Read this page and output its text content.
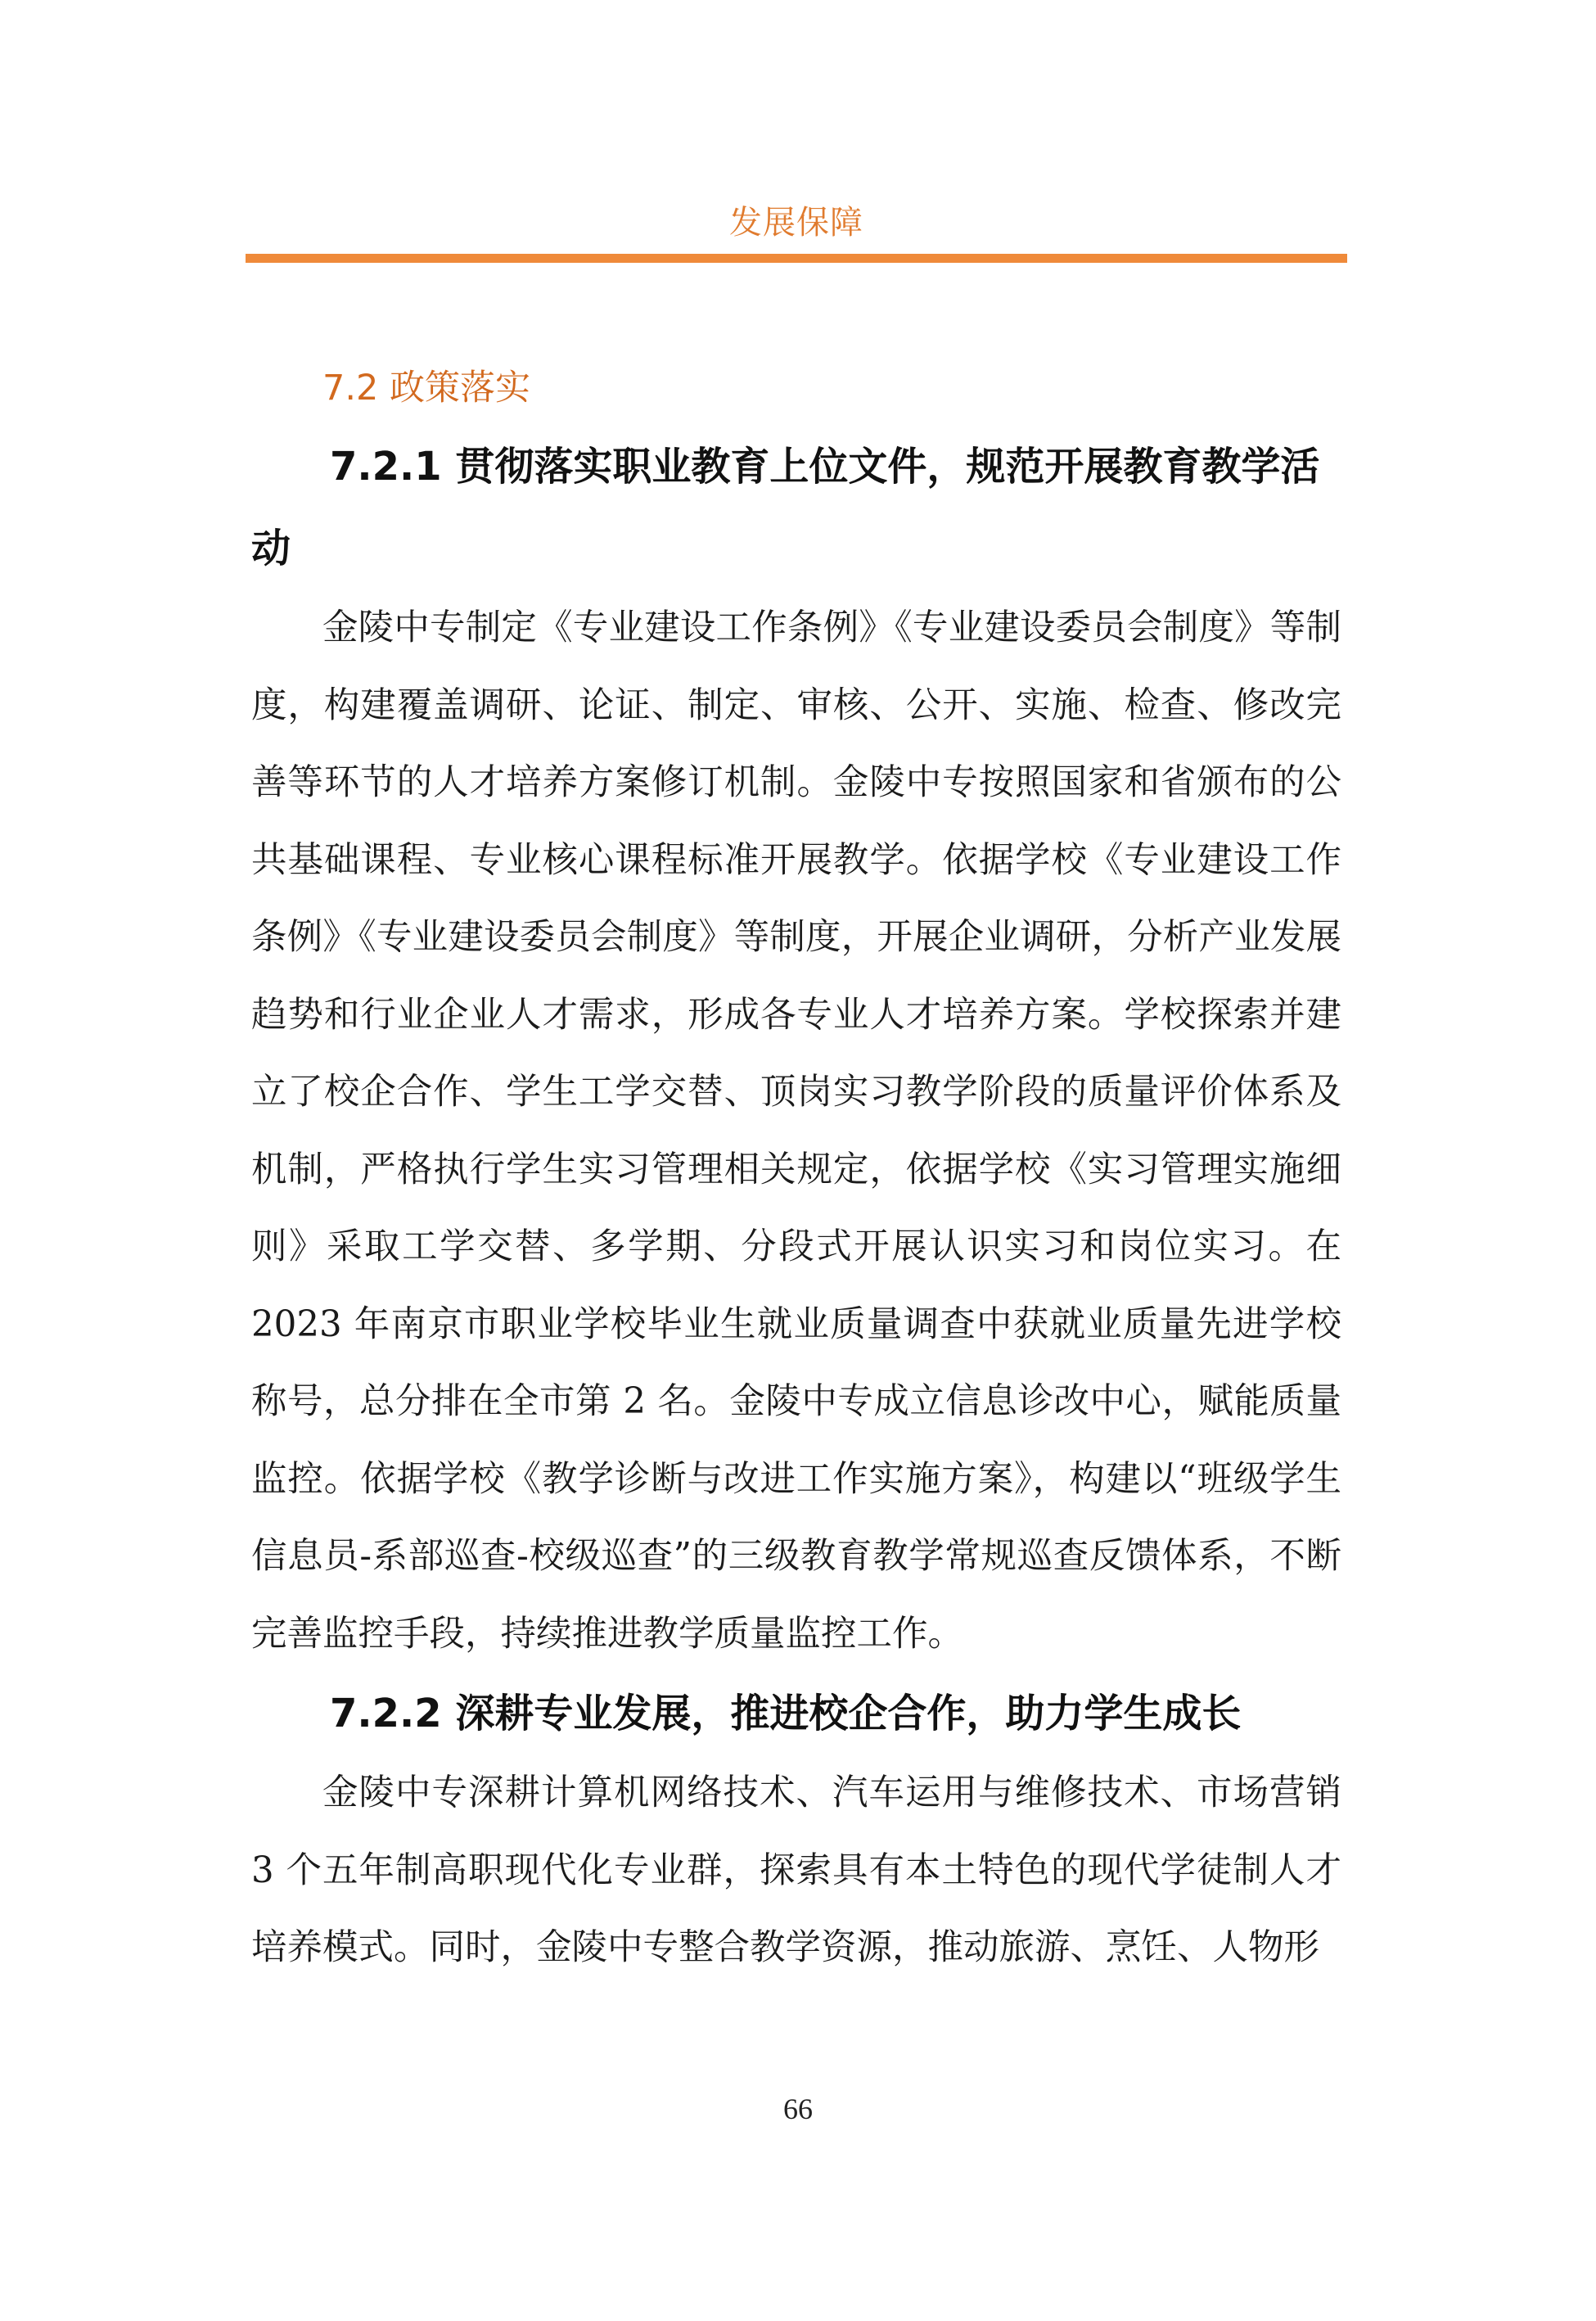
发展保障
7.2 政策落实
7.2.1 贯彻落实职业教育上位文件，规范开展教育教学活动

金陵中专制定《专业建设工作条例》《专业建设委员会制度》等制度，构建覆盖调研、论证、制定、审核、公开、实施、检查、修改完善等环节的人才培养方案修订机制。金陵中专按照国家和省颁布的公共基础课程、专业核心课程标准开展教学。依据学校《专业建设工作条例》《专业建设委员会制度》等制度，开展企业调研，分析产业发展趋势和行业企业人才需求，形成各专业人才培养方案。学校探索并建立了校企合作、学生工学交替、顶岗实习教学阶段的质量评价体系及机制，严格执行学生实习管理相关规定，依据学校《实习管理实施细则》采取工学交替、多学期、分段式开展认识实习和岗位实习。在 2023 年南京市职业学校毕业生就业质量调查中获就业质量先进学校称号，总分排在全市第 2 名。金陵中专成立信息诊改中心，赋能质量监控。依据学校《教学诊断与改进工作实施方案》，构建以“班级学生信息员-系部巡查-校级巡查”的三级教育教学常规巡查反馈体系，不断完善监控手段，持续推进教学质量监控工作。

7.2.2 深耕专业发展，推进校企合作，助力学生成长

金陵中专深耕计算机网络技术、汽车运用与维修技术、市场营销 3 个五年制高职现代化专业群，探索具有本土特色的现代学徒制人才培养模式。同时，金陵中专整合教学资源，推动旅游、烹饪、人物形

66
